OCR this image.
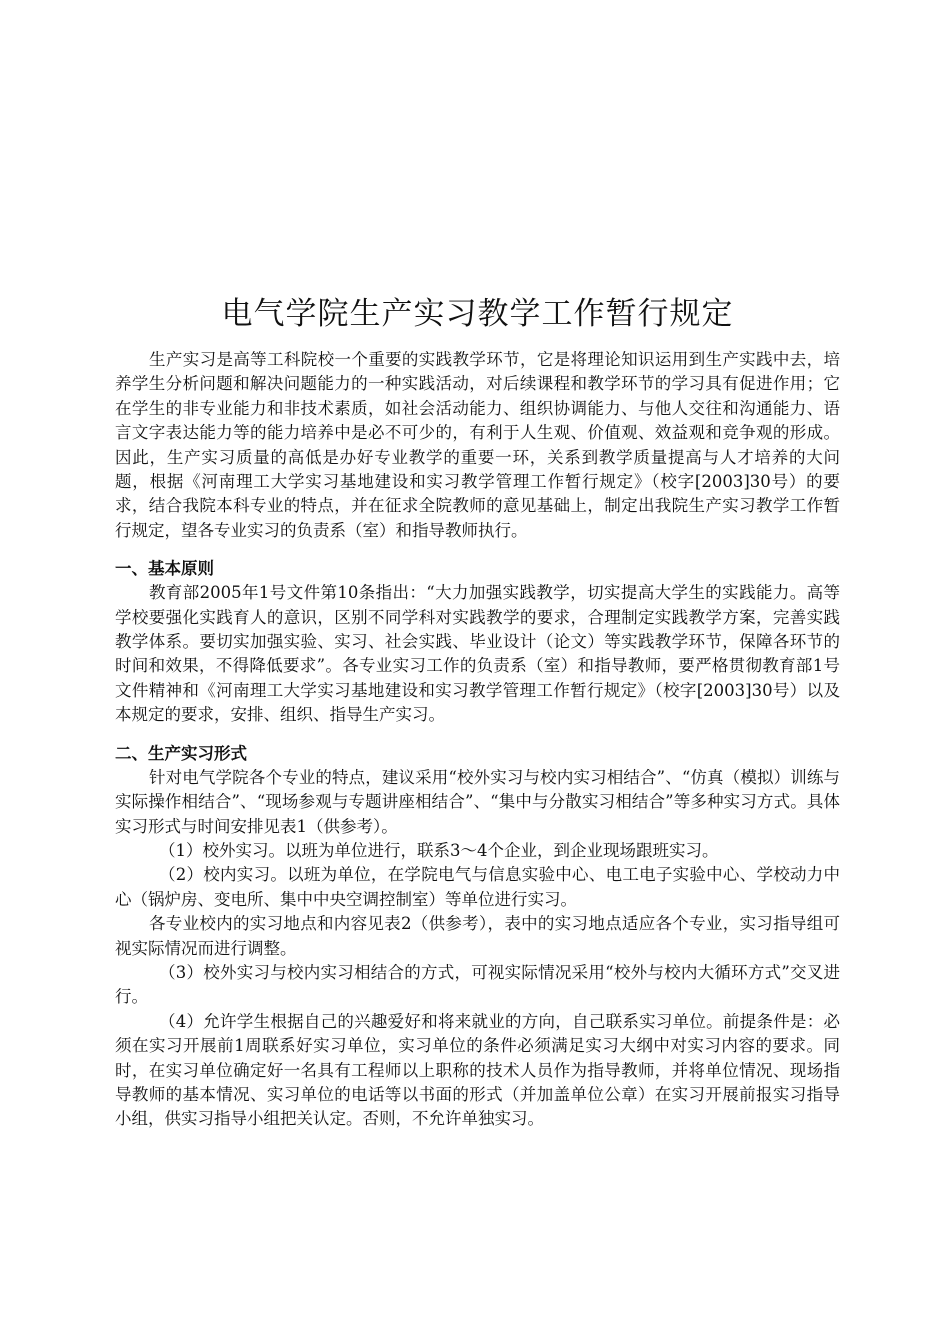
电气学院生产实习教学工作暂行规定

生产实习是高等工科院校一个重要的实践教学环节，它是将理论知识运用到生产实践中去，培养学生分析问题和解决问题能力的一种实践活动，对后续课程和教学环节的学习具有促进作用；它在学生的非专业能力和非技术素质，如社会活动能力、组织协调能力、与他人交往和沟通能力、语言文字表达能力等的能力培养中是必不可少的，有利于人生观、价值观、效益观和竞争观的形成。因此，生产实习质量的高低是办好专业教学的重要一环，关系到教学质量提高与人才培养的大问题，根据《河南理工大学实习基地建设和实习教学管理工作暂行规定》（校字[2003]30号）的要求，结合我院本科专业的特点，并在征求全院教师的意见基础上，制定出我院生产实习教学工作暂行规定，望各专业实习的负责系（室）和指导教师执行。

一、基本原则

教育部2005年1号文件第10条指出：“大力加强实践教学，切实提高大学生的实践能力。高等学校要强化实践育人的意识，区别不同学科对实践教学的要求，合理制定实践教学方案，完善实践教学体系。要切实加强实验、实习、社会实践、毕业设计（论文）等实践教学环节，保障各环节的时间和效果，不得降低要求”。各专业实习工作的负责系（室）和指导教师，要严格贯彻教育部1号文件精神和《河南理工大学实习基地建设和实习教学管理工作暂行规定》（校字[2003]30号）以及本规定的要求，安排、组织、指导生产实习。

二、生产实习形式

针对电气学院各个专业的特点，建议采用“校外实习与校内实习相结合”、“仿真（模拟）训练与实际操作相结合”、“现场参观与专题讲座相结合”、“集中与分散实习相结合”等多种实习方式。具体实习形式与时间安排见表1（供参考）。

（1）校外实习。以班为单位进行，联系3～4个企业，到企业现场跟班实习。

（2）校内实习。以班为单位，在学院电气与信息实验中心、电工电子实验中心、学校动力中心（锅炉房、变电所、集中中央空调控制室）等单位进行实习。

各专业校内的实习地点和内容见表2（供参考），表中的实习地点适应各个专业，实习指导组可视实际情况而进行调整。

（3）校外实习与校内实习相结合的方式，可视实际情况采用“校外与校内大循环方式”交叉进行。

（4）允许学生根据自己的兴趣爱好和将来就业的方向，自己联系实习单位。前提条件是：必须在实习开展前1周联系好实习单位，实习单位的条件必须满足实习大纲中对实习内容的要求。同时，在实习单位确定好一名具有工程师以上职称的技术人员作为指导教师，并将单位情况、现场指导教师的基本情况、实习单位的电话等以书面的形式（并加盖单位公章）在实习开展前报实习指导小组，供实习指导小组把关认定。否则，不允许单独实习。
